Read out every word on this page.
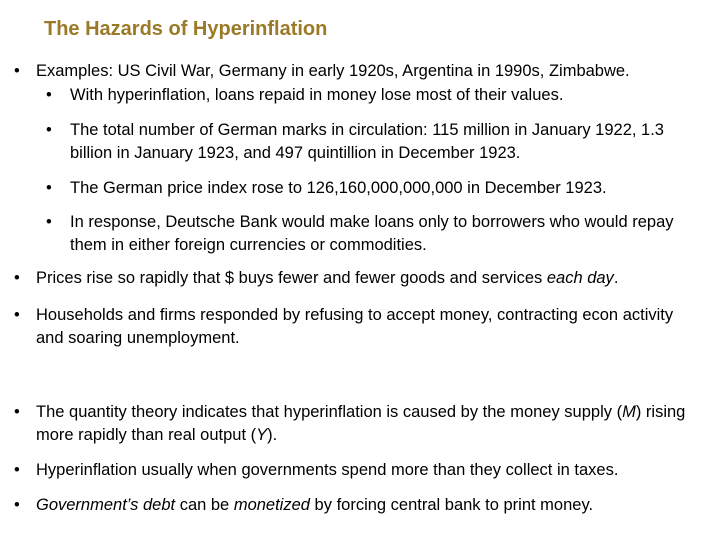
The Hazards of Hyperinflation
• Examples: US Civil War, Germany in early 1920s, Argentina in 1990s, Zimbabwe.
•	With hyperinflation, loans repaid in money lose most of their values.
•	The total number of German marks in circulation: 115 million in January 1922, 1.3 billion in January 1923, and 497 quintillion in December 1923.
•	The German price index rose to 126,160,000,000,000 in December 1923.
•	In response, Deutsche Bank would make loans only to borrowers who would repay them in either foreign currencies or commodities.
• Prices rise so rapidly that $ buys fewer and fewer goods and services each day.
• Households and firms responded by refusing to accept money, contracting econ activity and soaring unemployment.
• The quantity theory indicates that hyperinflation is caused by the money supply (M) rising more rapidly than real output (Y).
• Hyperinflation usually when governments spend more than they collect in taxes.
• Government’s debt can be monetized by forcing central bank to print money.
